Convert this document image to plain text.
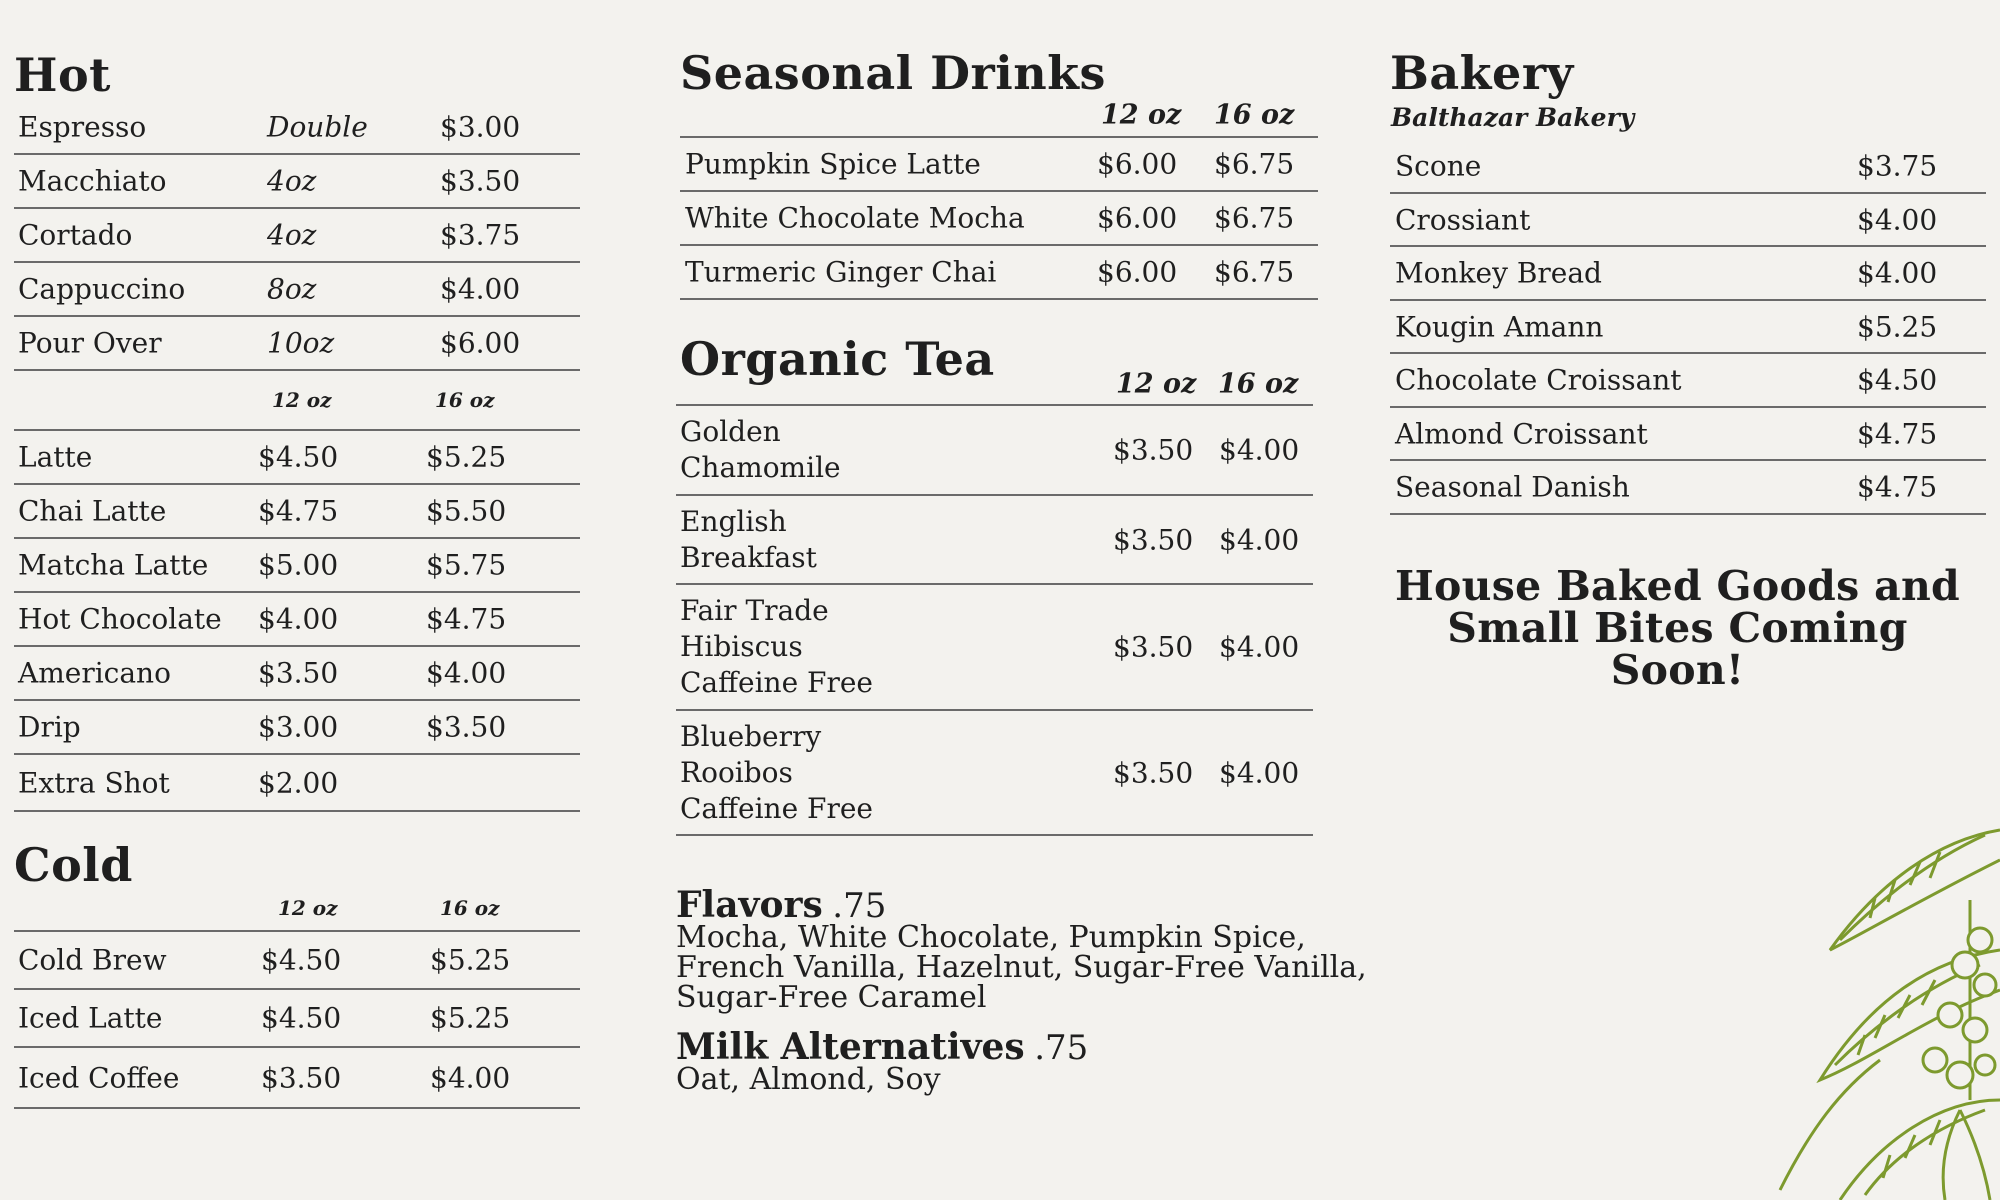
Hot
Espresso	Double	$3.00
Macchiato	4oz	$3.50
Cortado	4oz	$3.75
Cappuccino	8oz	$4.00
Pour Over	10oz	$6.00
12 oz	16 oz
Latte	$4.50	$5.25
Chai Latte	$4.75	$5.50
Matcha Latte $5.00	$5.75
Hot Chocolate $4.00	$4.75
Americano	$3.50	$4.00
Drip	$3.00	$3.50
Extra Shot	$2.00
Cold
12 oz	16 oz
Cold Brew	$4.50	$5.25
Iced Latte	$4.50	$5.25
Iced Coffee	$3.50	$4.00
Seasonal Drinks
12 oz 16 oz
Pumpkin Spice Latte	$6.00 $6.75
White Chocolate Mocha	$6.00 $6.75
Turmeric Ginger Chai	$6.00 $6.75
Organic Tea	12 oz 16 oz
Golden
Chamomile
$3.50 $4.00
English
Breakfast
$3.50 $4.00
Fair Trade
Hibiscus
Caffeine Free
$3.50 $4.00
Blueberry
Rooibos
Caffeine Free
$3.50 $4.00
Flavors .75
Mocha, White Chocolate, Pumpkin Spice,
French Vanilla, Hazelnut, Sugar-Free Vanilla,
Sugar-Free Caramel
Milk Alternatives .75
Oat, Almond, Soy
Bakery
Balthazar Bakery
Scone	$3.75
Crossiant	$4.00
Monkey Bread	$4.00
Kougin Amann	$5.25
Chocolate Croissant	$4.50
Almond Croissant	$4.75
Seasonal Danish	$4.75
House Baked Goods and
Small Bites Coming Soon!
